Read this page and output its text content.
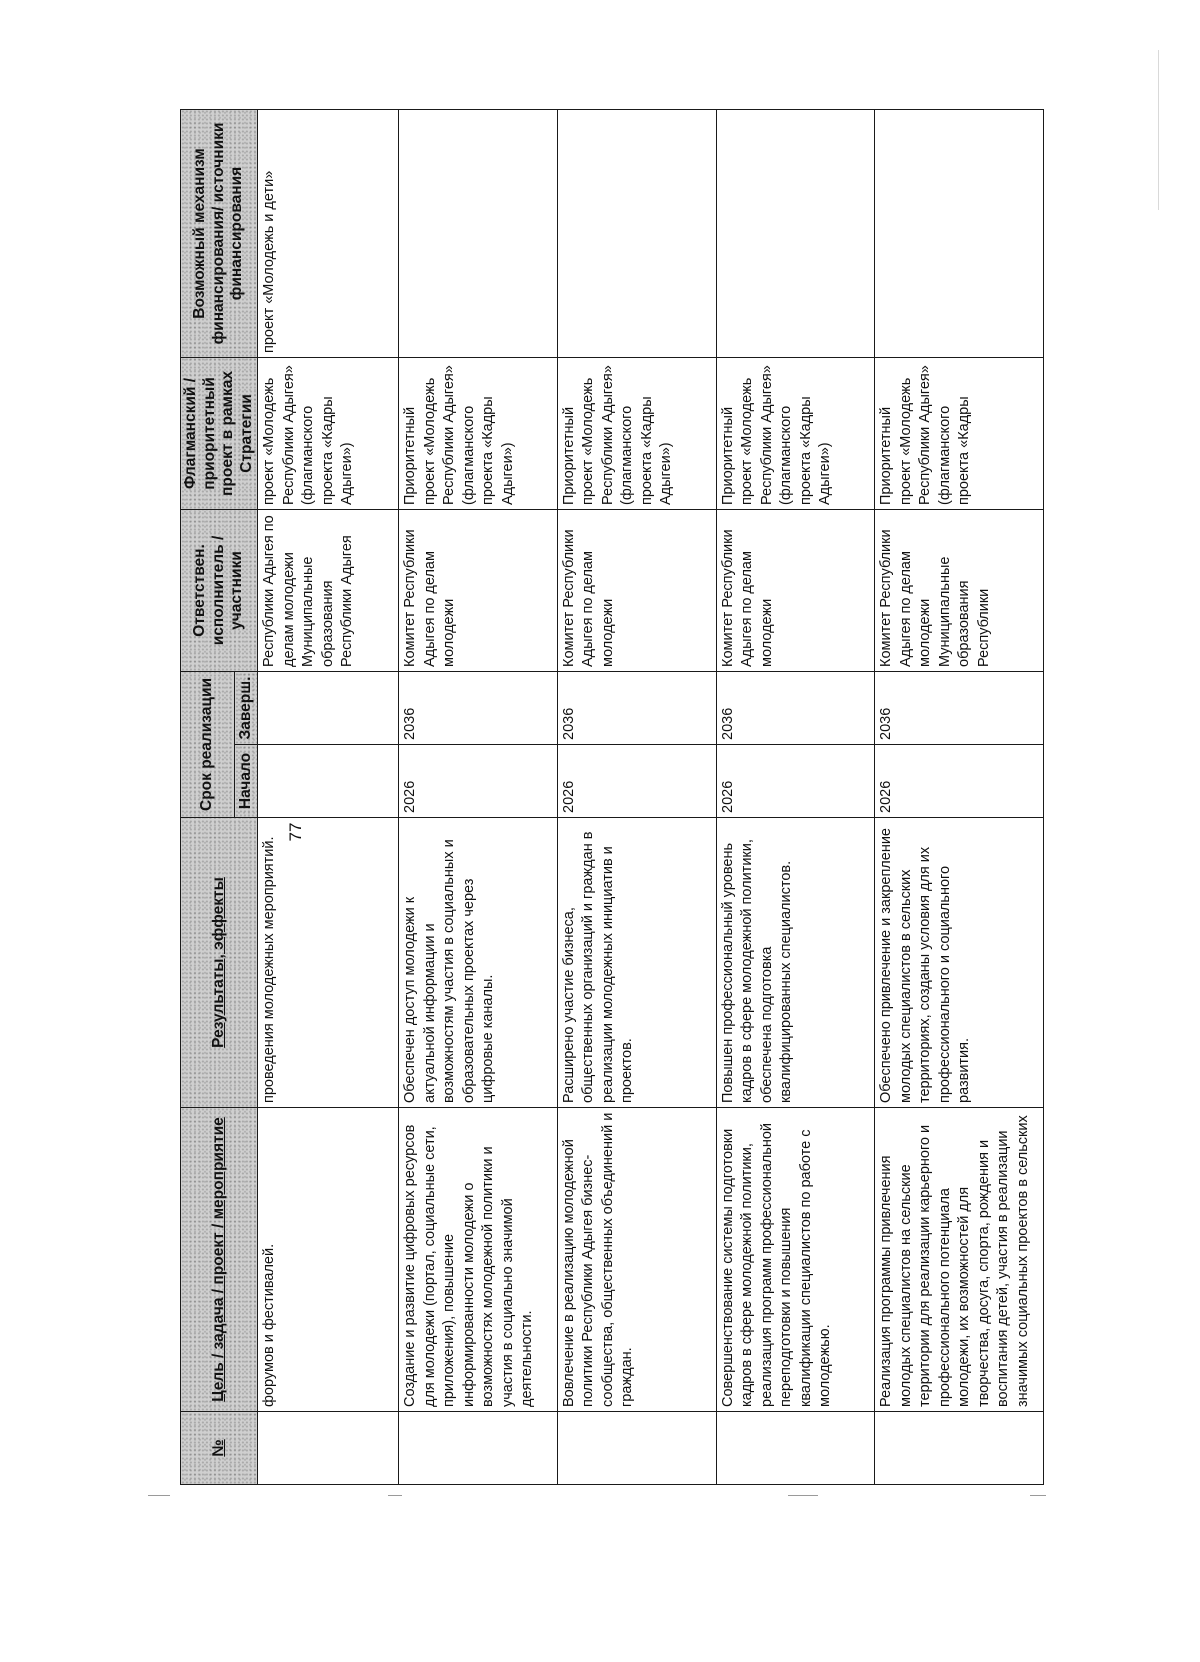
№	Цель / задача / проект / мероприятие	Результаты, эффекты	Срок реализации		Ответствен. исполнитель / участники	Флагманский / приоритетный проект в рамках Стратегии	Возможный механизм финансирования/ источники финансирования
			Начало	Заверш.			
	форумов и фестивалей.	проведения молодежных мероприятий.			Республики Адыгея по делам молодежи Муниципальные образования Республики Адыгея	проект «Молодежь Республики Адыгея» (флагманского проекта «Кадры Адыгеи»)	проект «Молодежь и дети»
	Создание и развитие цифровых ресурсов для молодежи (портал, социальные сети, приложения), повышение информированности молодежи о возможностях молодежной политики и участия в социально значимой деятельности.	Обеспечен доступ молодежи к актуальной информации и возможностям участия в социальных и образовательных проектах через цифровые каналы.	2026	2036	Комитет Республики Адыгея по делам молодежи	Приоритетный проект «Молодежь Республики Адыгея» (флагманского проекта «Кадры Адыгеи»)	
	Вовлечение в реализацию молодежной политики Республики Адыгея бизнес-сообщества, общественных объединений и граждан.	Расширено участие бизнеса, общественных организаций и граждан в реализации молодежных инициатив и проектов.	2026	2036	Комитет Республики Адыгея по делам молодежи	Приоритетный проект «Молодежь Республики Адыгея» (флагманского проекта «Кадры Адыгеи»)	
	Совершенствование системы подготовки кадров в сфере молодежной политики, реализация программ профессиональной переподготовки и повышения квалификации специалистов по работе с молодежью.	Повышен профессиональный уровень кадров в сфере молодежной политики, обеспечена подготовка квалифицированных специалистов.	2026	2036	Комитет Республики Адыгея по делам молодежи	Приоритетный проект «Молодежь Республики Адыгея» (флагманского проекта «Кадры Адыгеи»)	
	Реализация программы привлечения молодых специалистов на сельские территории для реализации карьерного и профессионального потенциала молодежи, их возможностей для творчества, досуга, спорта, рождения и воспитания детей, участия в реализации значимых социальных проектов в сельских	Обеспечено привлечение и закрепление молодых специалистов в сельских территориях, созданы условия для их профессионального и социального развития.	2026	2036	Комитет Республики Адыгея по делам молодежи Муниципальные образования Республики	Приоритетный проект «Молодежь Республики Адыгея» (флагманского проекта «Кадры	
77
